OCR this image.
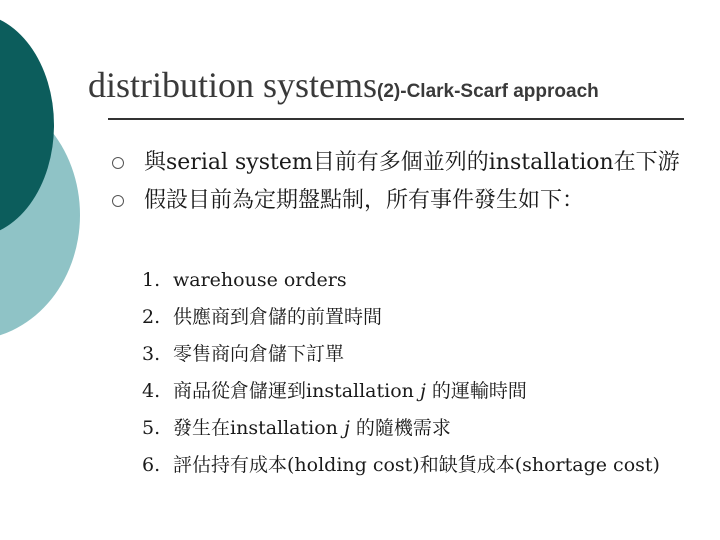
distribution systems(2)-Clark-Scarf approach
與serial system目前有多個並列的installation在下游
假設目前為定期盤點制，所有事件發生如下：
1. warehouse orders
2. 供應商到倉儲的前置時間
3. 零售商向倉儲下訂單
4. 商品從倉儲運到installation j 的運輸時間
5. 發生在installation j 的隨機需求
6. 評估持有成本(holding cost)和缺貨成本(shortage cost)
